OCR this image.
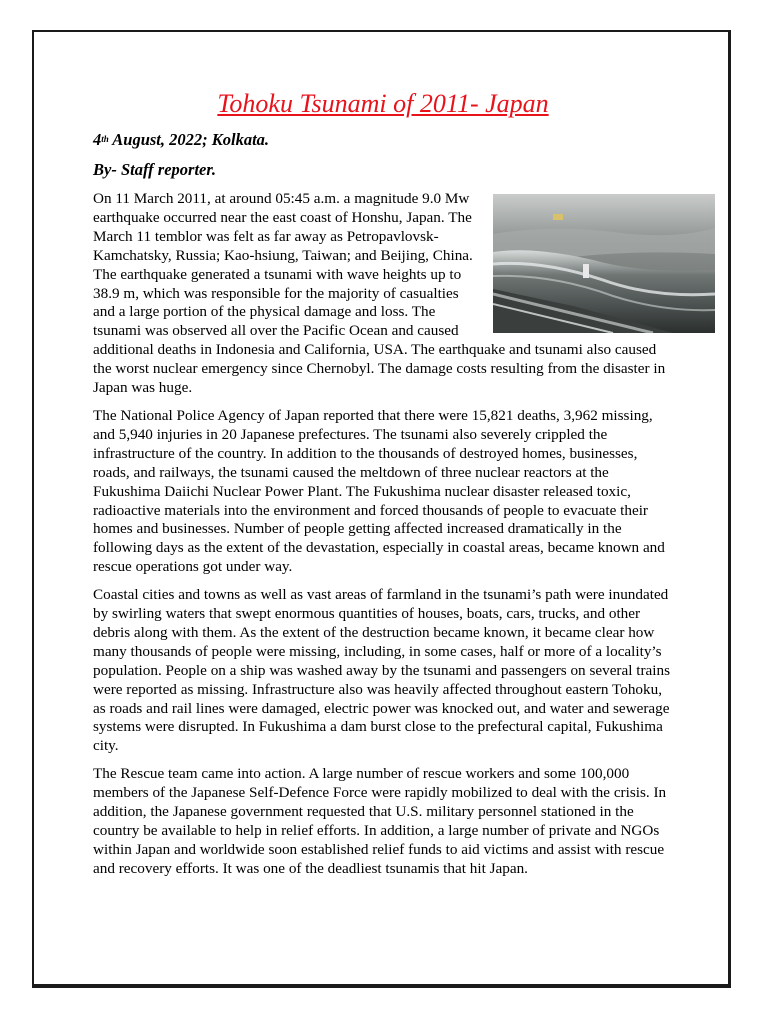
Tohoku Tsunami of 2011- Japan
4th August, 2022; Kolkata.
By- Staff reporter.

On 11 March 2011, at around 05:45 a.m. a magnitude 9.0 Mw earthquake occurred near the east coast of Honshu, Japan. The March 11 temblor was felt as far away as Petropavlovsk-Kamchatsky, Russia; Kao-hsiung, Taiwan; and Beijing, China. The earthquake generated a tsunami with wave heights up to 38.9 m, which was responsible for the majority of casualties and a large portion of the physical damage and loss. The tsunami was observed all over the Pacific Ocean and caused additional deaths in Indonesia and California, USA. The earthquake and tsunami also caused the worst nuclear emergency since Chernobyl. The damage costs resulting from the disaster in Japan was huge.

The National Police Agency of Japan reported that there were 15,821 deaths, 3,962 missing, and 5,940 injuries in 20 Japanese prefectures. The tsunami also severely crippled the infrastructure of the country. In addition to the thousands of destroyed homes, businesses, roads, and railways, the tsunami caused the meltdown of three nuclear reactors at the Fukushima Daiichi Nuclear Power Plant. The Fukushima nuclear disaster released toxic, radioactive materials into the environment and forced thousands of people to evacuate their homes and businesses. Number of people getting affected increased dramatically in the following days as the extent of the devastation, especially in coastal areas, became known and rescue operations got under way.

Coastal cities and towns as well as vast areas of farmland in the tsunami’s path were inundated by swirling waters that swept enormous quantities of houses, boats, cars, trucks, and other debris along with them. As the extent of the destruction became known, it became clear how many thousands of people were missing, including, in some cases, half or more of a locality’s population. People on a ship was washed away by the tsunami and passengers on several trains were reported as missing. Infrastructure also was heavily affected throughout eastern Tohoku, as roads and rail lines were damaged, electric power was knocked out, and water and sewerage systems were disrupted. In Fukushima a dam burst close to the prefectural capital, Fukushima city.

The Rescue team came into action. A large number of rescue workers and some 100,000 members of the Japanese Self-Defence Force were rapidly mobilized to deal with the crisis. In addition, the Japanese government requested that U.S. military personnel stationed in the country be available to help in relief efforts. In addition, a large number of private and NGOs within Japan and worldwide soon established relief funds to aid victims and assist with rescue and recovery efforts. It was one of the deadliest tsunamis that hit Japan.
